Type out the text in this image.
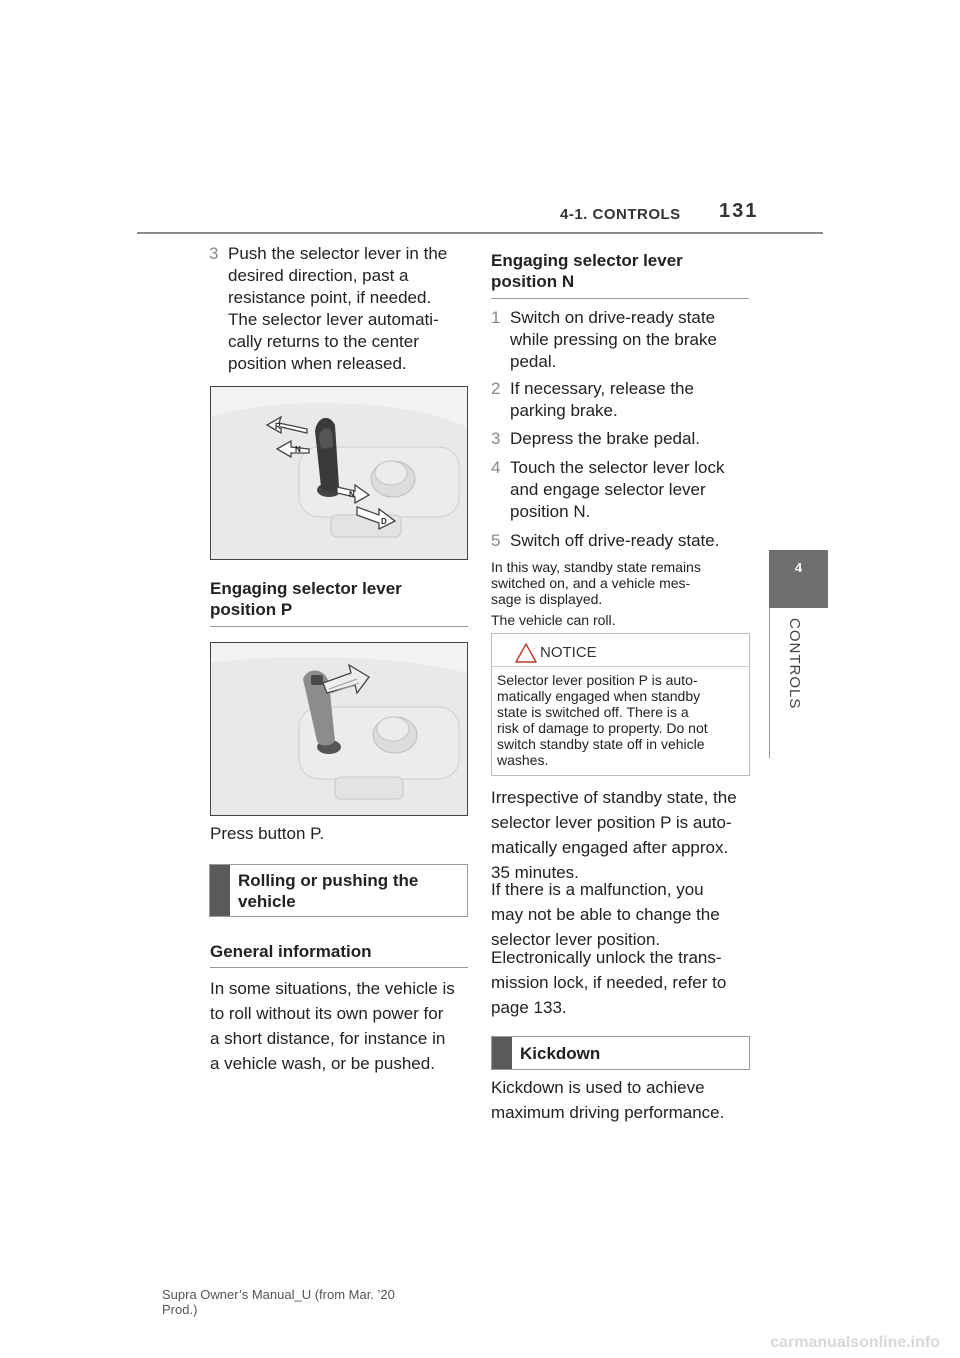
4-1. CONTROLS 131
4
CONTROLS
3 Push the selector lever in the
desired direction, past a
resistance point, if needed.
The selector lever automati-
cally returns to the center
position when released.
R
N
N
D
Engaging selector lever
position P
Press button P.
Rolling or pushing the
vehicle
General information
In some situations, the vehicle is
to roll without its own power for
a short distance, for instance in
a vehicle wash, or be pushed.
Engaging selector lever
position N
1 Switch on drive-ready state
while pressing on the brake
pedal.
2 If necessary, release the
parking brake.
3 Depress the brake pedal.
4 Touch the selector lever lock
and engage selector lever
position N.
5 Switch off drive-ready state.
In this way, standby state remains
switched on, and a vehicle mes-
sage is displayed.
The vehicle can roll.
NOTICE
Selector lever position P is auto-
matically engaged when standby
state is switched off. There is a
risk of damage to property. Do not
switch standby state off in vehicle
washes.
Irrespective of standby state, the
selector lever position P is auto-
matically engaged after approx.
35 minutes.
If there is a malfunction, you
may not be able to change the
selector lever position.
Electronically unlock the trans-
mission lock, if needed, refer to
page 133.
Kickdown
Kickdown is used to achieve
maximum driving performance.
Supra Owner’s Manual_U (from Mar. ’20
Prod.)
carmanualsonline.info
